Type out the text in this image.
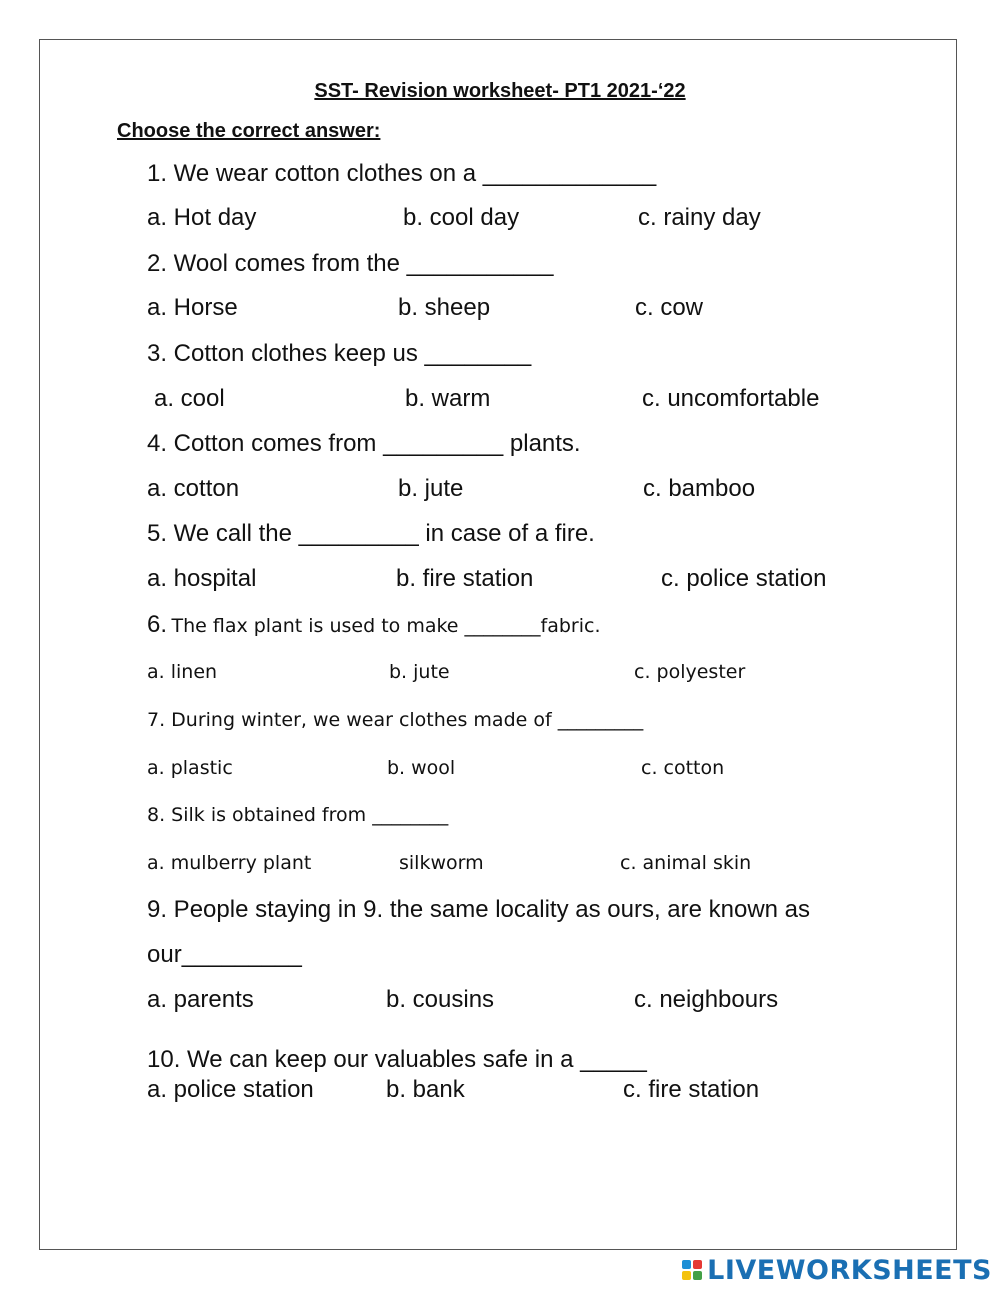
SST- Revision worksheet- PT1 2021-‘22
Choose the correct answer:
1. We wear cotton clothes on a _____________
a. Hot day	b. cool day	c. rainy day
2. Wool comes from the ___________
a. Horse	b. sheep	c. cow
3. Cotton clothes keep us ________
a. cool	b. warm	c. uncomfortable
4. Cotton comes from _________ plants.
a. cotton	b. jute	c. bamboo
5. We call the _________ in case of a fire.
a. hospital	b. fire station	c. police station
6. The flax plant is used to make ________fabric.
a. linen	b. jute	c. polyester
7. During winter, we wear clothes made of _________
a. plastic	b. wool	c. cotton
8. Silk is obtained from ________
a. mulberry plant	silkworm	c. animal skin
9. People staying in 9. the same locality as ours, are known as
our_________
a. parents	b. cousins	c. neighbours
10. We can keep our valuables safe in a _____
a. police station	b. bank	c. fire station
LIVEWORKSHEETS
